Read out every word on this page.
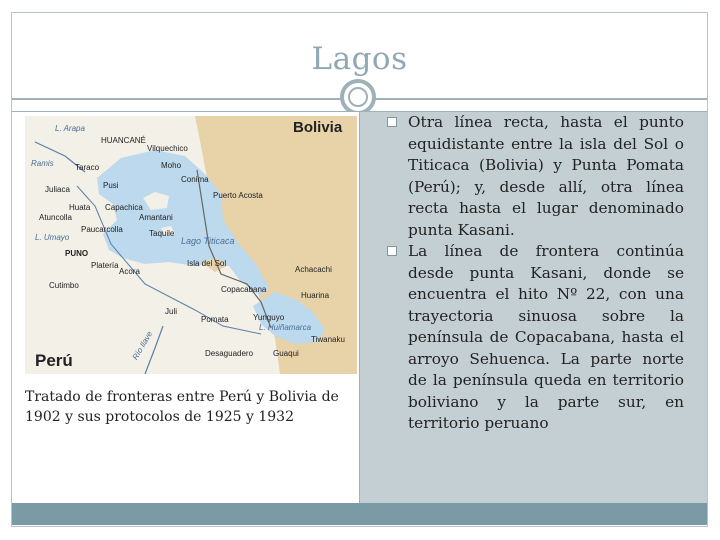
Lagos
Bolivia
Perú
Lago Titicaca
L. Arapa
Ramis
L. Umayo
L. Huiñamarca
Río Ilave
HUANCANÉ
Vilquechico
Taraco	Moho
Conima
Pusi
Juliaca
Puerto Acosta
Huata Capachica
Amantani
Atuncolla
Paucarcolla	Taquile
PUNO
Platería
Acora
Isla del Sol
Achacachi
Cutimbo	Copacabana
Huarina
Juli
Pomata	Yunguyo
Tiwanaku
Desaguadero Guaqui
Tratado de fronteras entre Perú y Bolivia de 1902 y sus protocolos de 1925 y 1932
Otra línea recta, hasta el punto equidistante entre la isla del Sol o Titicaca (Bolivia) y Punta Pomata (Perú); y, desde allí, otra línea recta hasta el lugar denominado punta Kasani.
La línea de frontera continúa desde punta Kasani, donde se encuentra el hito Nº 22, con una trayectoria sinuosa sobre la península de Copacabana, hasta el arroyo Sehuenca. La parte norte de la península queda en territorio boliviano y la parte sur, en territorio peruano
